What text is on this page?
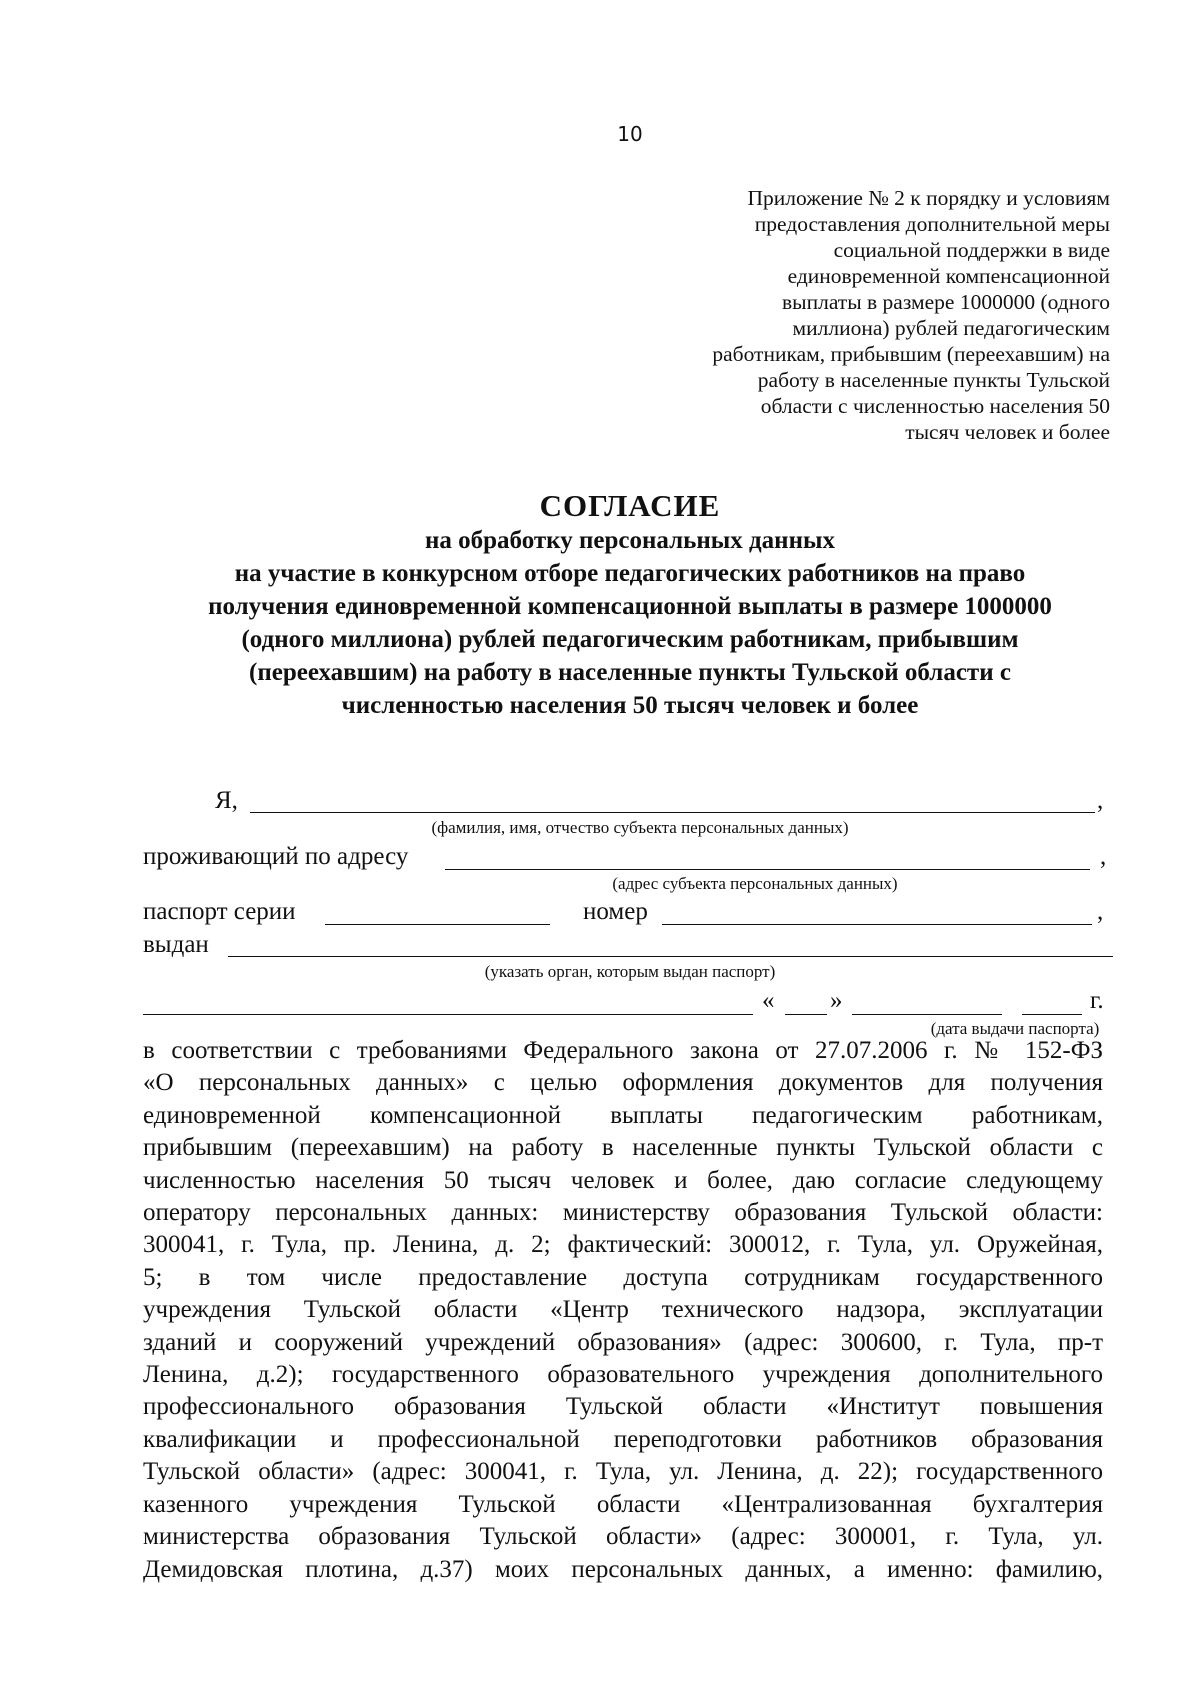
10
Приложение № 2 к порядку и условиям
предоставления дополнительной меры
социальной поддержки в виде
единовременной компенсационной
выплаты в размере 1000000 (одного
миллиона) рублей педагогическим
работникам, прибывшим (переехавшим) на
работу в населенные пункты Тульской
области с численностью населения 50
тысяч человек и более
СОГЛАСИЕ
на обработку персональных данных
на участие в конкурсном отборе педагогических работников на право
получения единовременной компенсационной выплаты в размере 1000000
(одного миллиона) рублей педагогическим работникам, прибывшим
(переехавшим) на работу в населенные пункты Тульской области с
численностью населения 50 тысяч человек и более
Я,	,
(фамилия, имя, отчество субъекта персональных данных)
проживающий по адресу	,
(адрес субъекта персональных данных)
паспорт серии	номер	,
выдан
(указать орган, которым выдан паспорт)
« »	г.
(дата выдачи паспорта)
в соответствии с требованиями Федерального закона от 27.07.2006 г. № 152-ФЗ
«О персональных данных» с целью оформления документов для получения
единовременной компенсационной выплаты педагогическим работникам,
прибывшим (переехавшим) на работу в населенные пункты Тульской области с
численностью населения 50 тысяч человек и более, даю согласие следующему
оператору персональных данных: министерству образования Тульской области:
300041, г. Тула, пр. Ленина, д. 2; фактический: 300012, г. Тула, ул. Оружейная,
5; в том числе предоставление доступа сотрудникам государственного
учреждения Тульской области «Центр технического надзора, эксплуатации
зданий и сооружений учреждений образования» (адрес: 300600, г. Тула, пр-т
Ленина, д.2); государственного образовательного учреждения дополнительного
профессионального образования Тульской области «Институт повышения
квалификации и профессиональной переподготовки работников образования
Тульской области» (адрес: 300041, г. Тула, ул. Ленина, д. 22); государственного
казенного учреждения Тульской области «Централизованная бухгалтерия
министерства образования Тульской области» (адрес: 300001, г. Тула, ул.
Демидовская плотина, д.37) моих персональных данных, а именно: фамилию,
